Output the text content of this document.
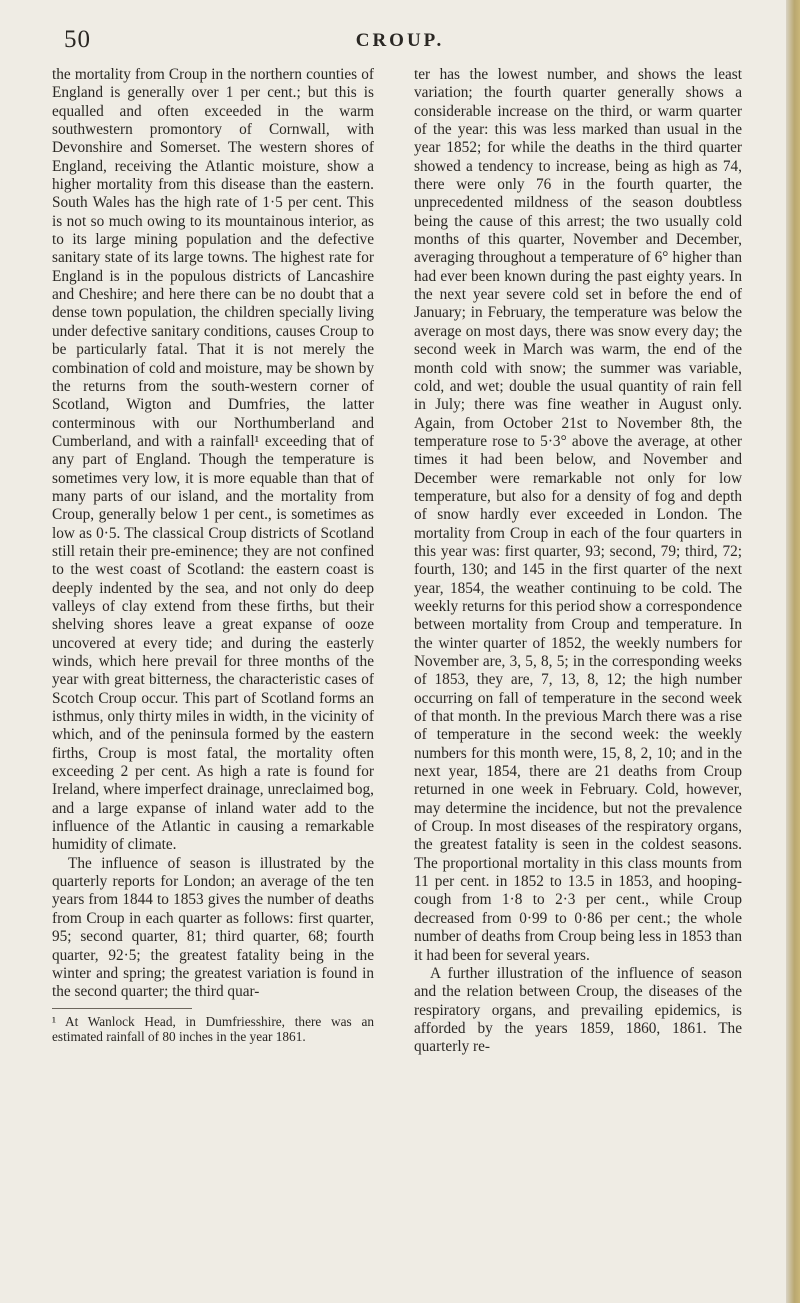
50	CROUP.

the mortality from Croup in the northern counties of England is generally over 1 per cent.; but this is equalled and often exceeded in the warm southwestern promontory of Cornwall, with Devonshire and Somerset. The western shores of England, receiving the Atlantic moisture, show a higher mortality from this disease than the eastern. South Wales has the high rate of 1·5 per cent. This is not so much owing to its mountainous interior, as to its large mining population and the defective sanitary state of its large towns. The highest rate for England is in the populous districts of Lancashire and Cheshire; and here there can be no doubt that a dense town population, the children specially living under defective sanitary conditions, causes Croup to be particularly fatal. That it is not merely the combination of cold and moisture, may be shown by the returns from the south-western corner of Scotland, Wigton and Dumfries, the latter conterminous with our Northumberland and Cumberland, and with a rainfall¹ exceeding that of any part of England. Though the temperature is sometimes very low, it is more equable than that of many parts of our island, and the mortality from Croup, generally below 1 per cent., is sometimes as low as 0·5. The classical Croup districts of Scotland still retain their pre-eminence; they are not confined to the west coast of Scotland: the eastern coast is deeply indented by the sea, and not only do deep valleys of clay extend from these firths, but their shelving shores leave a great expanse of ooze uncovered at every tide; and during the easterly winds, which here prevail for three months of the year with great bitterness, the characteristic cases of Scotch Croup occur. This part of Scotland forms an isthmus, only thirty miles in width, in the vicinity of which, and of the peninsula formed by the eastern firths, Croup is most fatal, the mortality often exceeding 2 per cent. As high a rate is found for Ireland, where imperfect drainage, unreclaimed bog, and a large expanse of inland water add to the influence of the Atlantic in causing a remarkable humidity of climate.

The influence of season is illustrated by the quarterly reports for London; an average of the ten years from 1844 to 1853 gives the number of deaths from Croup in each quarter as follows: first quarter, 95; second quarter, 81; third quarter, 68; fourth quarter, 92·5; the greatest fatality being in the winter and spring; the greatest variation is found in the second quarter; the third quar-

¹ At Wanlock Head, in Dumfriesshire, there was an estimated rainfall of 80 inches in the year 1861.

ter has the lowest number, and shows the least variation; the fourth quarter generally shows a considerable increase on the third, or warm quarter of the year: this was less marked than usual in the year 1852; for while the deaths in the third quarter showed a tendency to increase, being as high as 74, there were only 76 in the fourth quarter, the unprecedented mildness of the season doubtless being the cause of this arrest; the two usually cold months of this quarter, November and December, averaging throughout a temperature of 6° higher than had ever been known during the past eighty years. In the next year severe cold set in before the end of January; in February, the temperature was below the average on most days, there was snow every day; the second week in March was warm, the end of the month cold with snow; the summer was variable, cold, and wet; double the usual quantity of rain fell in July; there was fine weather in August only. Again, from October 21st to November 8th, the temperature rose to 5·3° above the average, at other times it had been below, and November and December were remarkable not only for low temperature, but also for a density of fog and depth of snow hardly ever exceeded in London. The mortality from Croup in each of the four quarters in this year was: first quarter, 93; second, 79; third, 72; fourth, 130; and 145 in the first quarter of the next year, 1854, the weather continuing to be cold. The weekly returns for this period show a correspondence between mortality from Croup and temperature. In the winter quarter of 1852, the weekly numbers for November are, 3, 5, 8, 5; in the corresponding weeks of 1853, they are, 7, 13, 8, 12; the high number occurring on fall of temperature in the second week of that month. In the previous March there was a rise of temperature in the second week: the weekly numbers for this month were, 15, 8, 2, 10; and in the next year, 1854, there are 21 deaths from Croup returned in one week in February. Cold, however, may determine the incidence, but not the prevalence of Croup. In most diseases of the respiratory organs, the greatest fatality is seen in the coldest seasons. The proportional mortality in this class mounts from 11 per cent. in 1852 to 13.5 in 1853, and hooping-cough from 1·8 to 2·3 per cent., while Croup decreased from 0·99 to 0·86 per cent.; the whole number of deaths from Croup being less in 1853 than it had been for several years.

A further illustration of the influence of season and the relation between Croup, the diseases of the respiratory organs, and prevailing epidemics, is afforded by the years 1859, 1860, 1861. The quarterly re-
